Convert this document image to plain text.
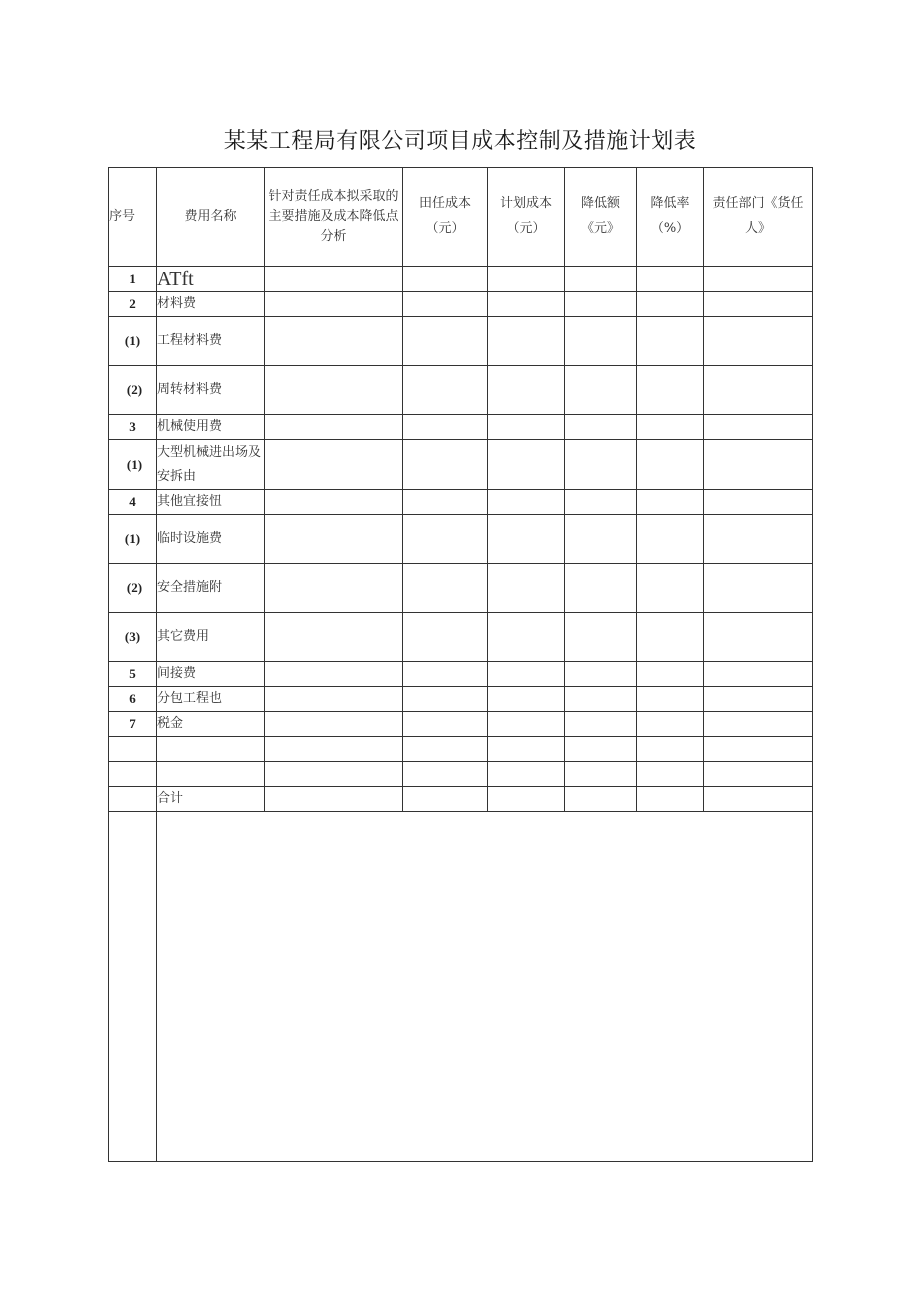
某某工程局有限公司项目成本控制及措施计划表
序号	费用名称	针对责任成本拟采取的主要措施及成本降低点分析	田任成本（元）	计划成本（元）	降低额《元》	降低率（%）	责任部门《货任人》
1	ATft						
2	材料费						
(1)	工程材料费						
(2)	周转材料费						
3	机械使用费						
(1)	大型机械进出场及安拆由						
4	其他宜接忸						
(1)	临时设施费						
(2)	安全措施附						
(3)	其它费用						
5	间接费						
6	分包工程也						
7	税金						

	合计						
